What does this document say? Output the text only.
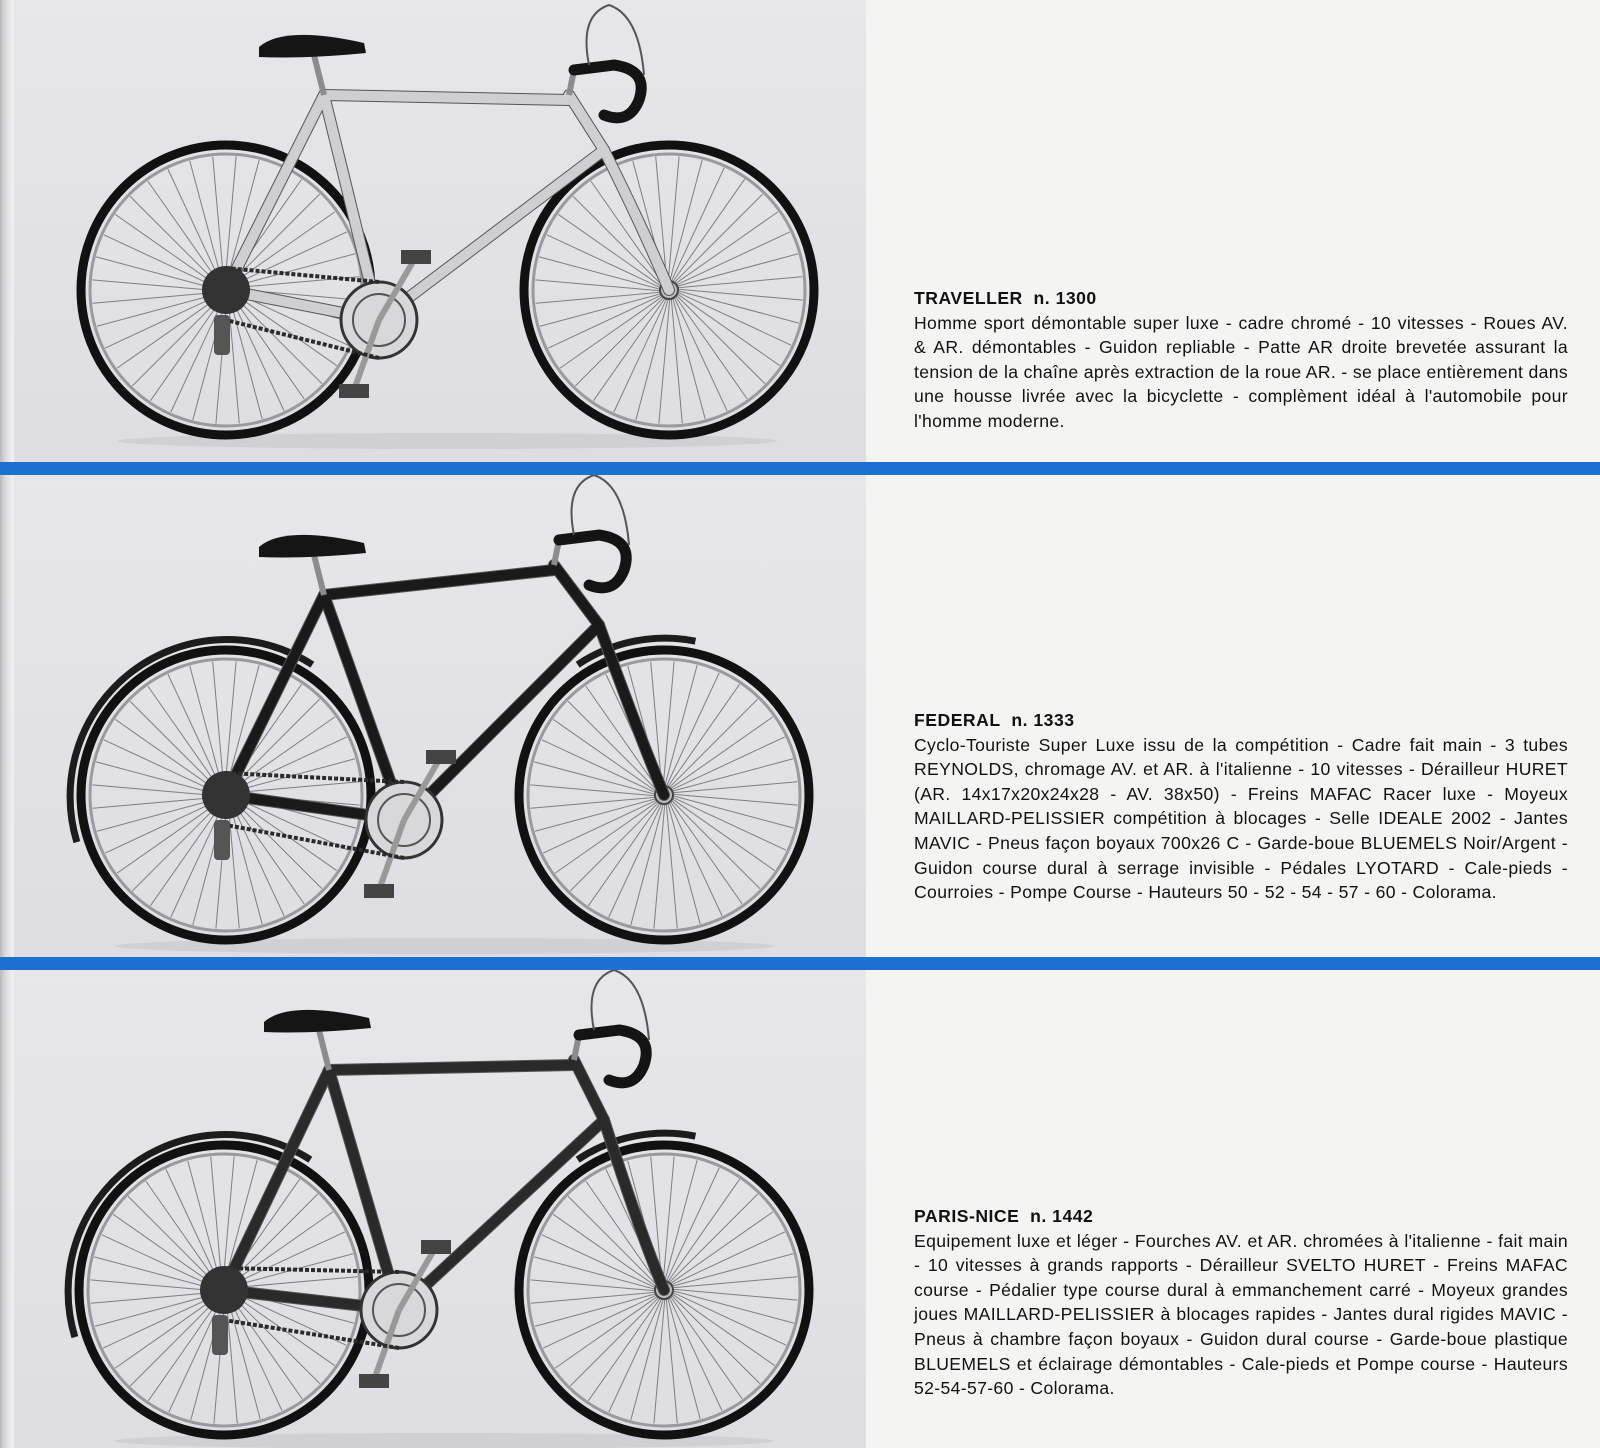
TRAVELLER n. 1300
Homme sport démontable super luxe - cadre chromé - 10 vitesses - Roues AV. & AR. démontables - Guidon repliable - Patte AR droite brevetée assurant la tension de la chaîne après extraction de la roue AR. - se place entièrement dans une housse livrée avec la bicyclette - complèment idéal à l'automobile pour l'homme moderne.
FEDERAL n. 1333
Cyclo-Touriste Super Luxe issu de la compétition - Cadre fait main - 3 tubes REYNOLDS, chromage AV. et AR. à l'italienne - 10 vitesses - Dérailleur HURET (AR. 14x17x20x24x28 - AV. 38x50) - Freins MAFAC Racer luxe - Moyeux MAILLARD-PELISSIER compétition à blocages - Selle IDEALE 2002 - Jantes MAVIC - Pneus façon boyaux 700x26 C - Garde-boue BLUEMELS Noir/Argent - Guidon course dural à serrage invisible - Pédales LYOTARD - Cale-pieds - Courroies - Pompe Course - Hauteurs 50 - 52 - 54 - 57 - 60 - Colorama.
PARIS-NICE n. 1442
Equipement luxe et léger - Fourches AV. et AR. chromées à l'italienne - fait main - 10 vitesses à grands rapports - Dérailleur SVELTO HURET - Freins MAFAC course - Pédalier type course dural à emmanchement carré - Moyeux grandes joues MAILLARD-PELISSIER à blocages rapides - Jantes dural rigides MAVIC - Pneus à chambre façon boyaux - Guidon dural course - Garde-boue plastique BLUEMELS et éclairage démontables - Cale-pieds et Pompe course - Hauteurs 52-54-57-60 - Colorama.
